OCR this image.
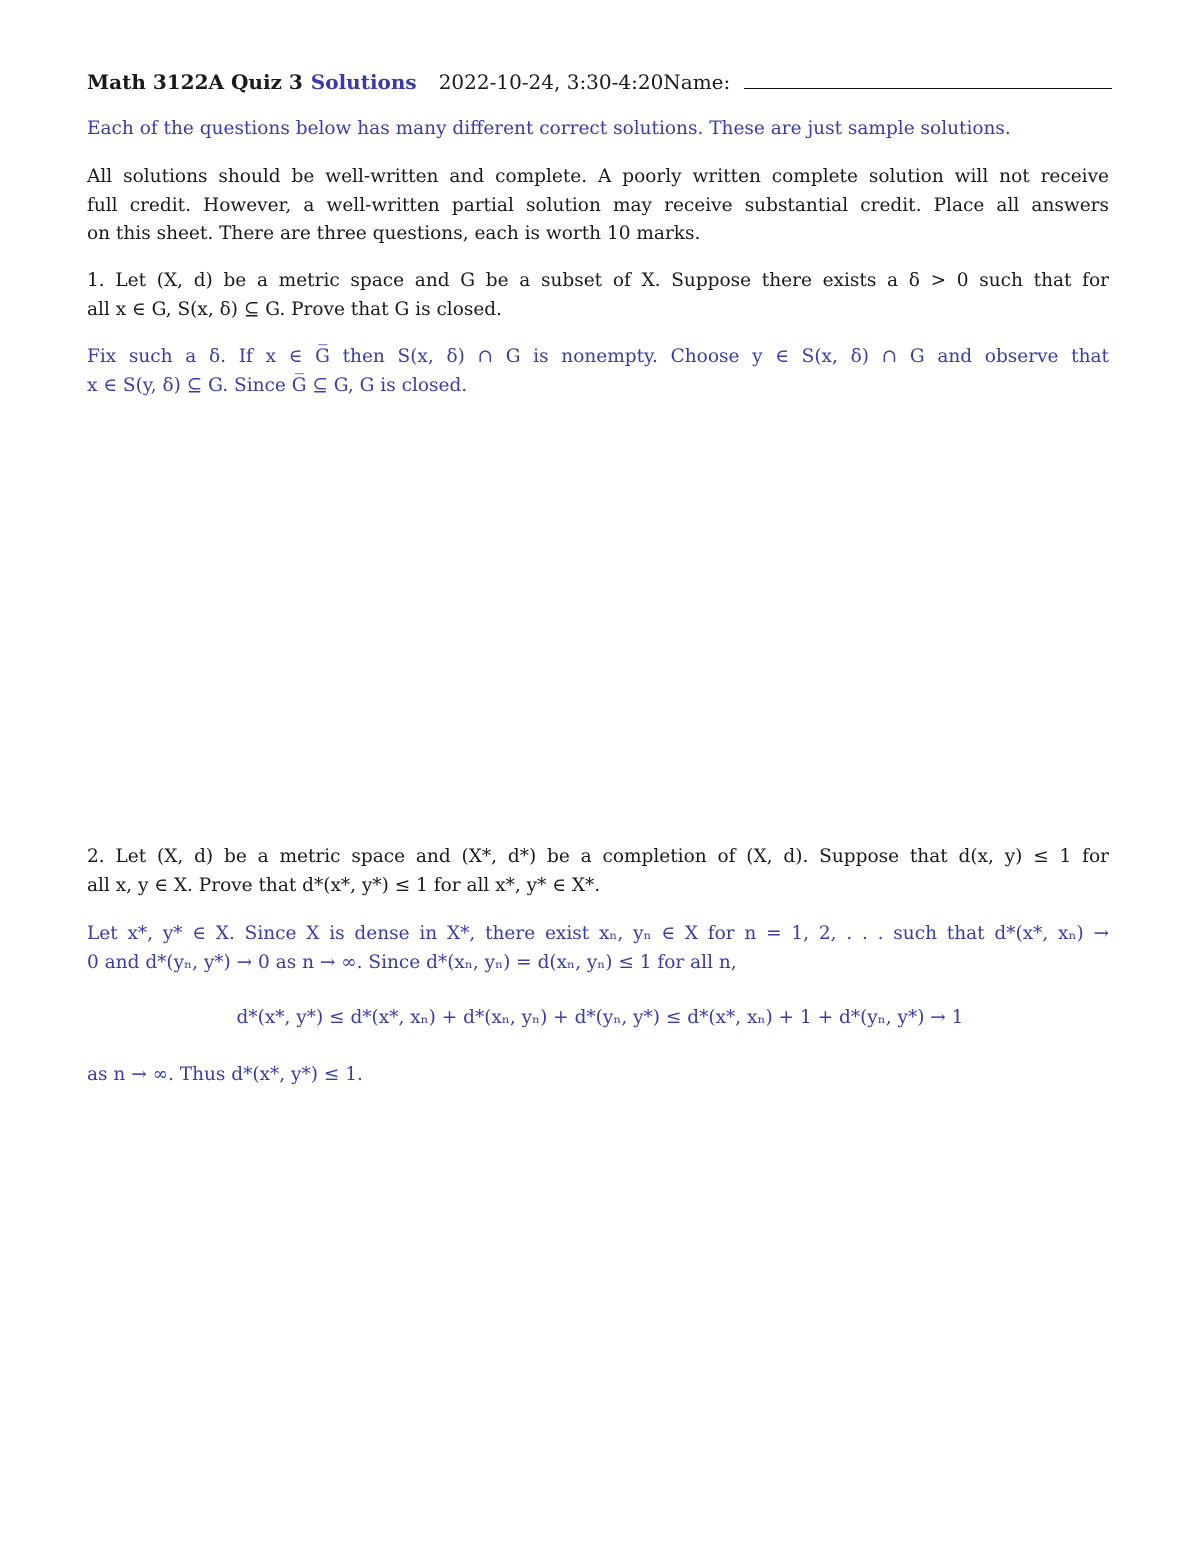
Math 3122A Quiz 3 Solutions 2022-10-24, 3:30-4:20 Name:
Each of the questions below has many different correct solutions. These are just sample solutions.
All solutions should be well-written and complete. A poorly written complete solution will not receive
full credit. However, a well-written partial solution may receive substantial credit. Place all answers
on this sheet. There are three questions, each is worth 10 marks.
1. Let (X, d) be a metric space and G be a subset of X. Suppose there exists a δ > 0 such that for
all x ∈ G, S(x, δ) ⊆ G. Prove that G is closed.
Fix such a δ. If x ∈ G̅ then S(x, δ) ∩ G is nonempty. Choose y ∈ S(x, δ) ∩ G and observe that
x ∈ S(y, δ) ⊆ G. Since G̅ ⊆ G, G is closed.
2. Let (X, d) be a metric space and (X*, d*) be a completion of (X, d). Suppose that d(x, y) ≤ 1 for
all x, y ∈ X. Prove that d*(x*, y*) ≤ 1 for all x*, y* ∈ X*.
Let x*, y* ∈ X. Since X is dense in X*, there exist xₙ, yₙ ∈ X for n = 1, 2, . . . such that d*(x*, xₙ) →
0 and d*(yₙ, y*) → 0 as n → ∞. Since d*(xₙ, yₙ) = d(xₙ, yₙ) ≤ 1 for all n,
d*(x*, y*) ≤ d*(x*, xₙ) + d*(xₙ, yₙ) + d*(yₙ, y*) ≤ d*(x*, xₙ) + 1 + d*(yₙ, y*) → 1
as n → ∞. Thus d*(x*, y*) ≤ 1.
